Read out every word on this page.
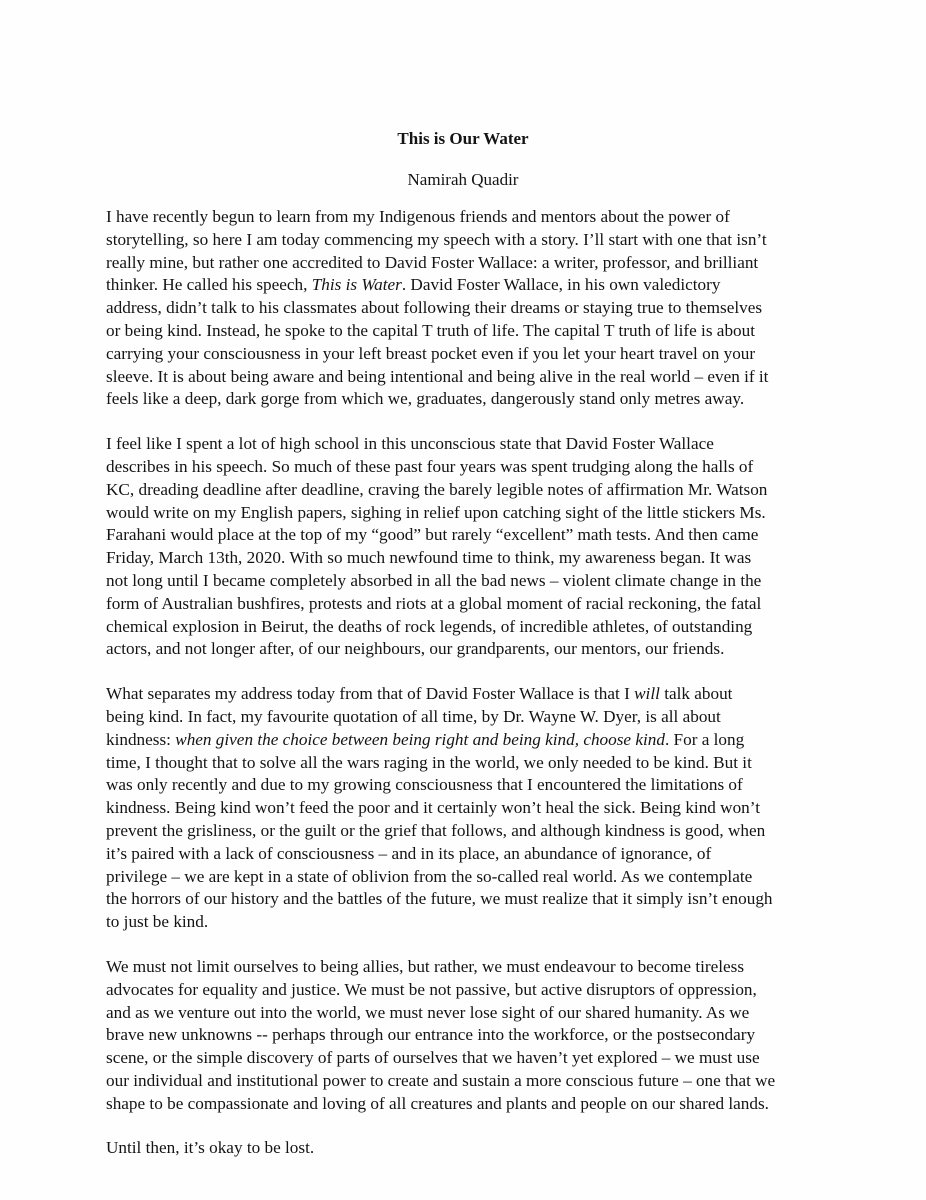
This is Our Water
Namirah Quadir
I have recently begun to learn from my Indigenous friends and mentors about the power of
storytelling, so here I am today commencing my speech with a story. I’ll start with one that isn’t
really mine, but rather one accredited to David Foster Wallace: a writer, professor, and brilliant
thinker. He called his speech, This is Water. David Foster Wallace, in his own valedictory
address, didn’t talk to his classmates about following their dreams or staying true to themselves
or being kind. Instead, he spoke to the capital T truth of life. The capital T truth of life is about
carrying your consciousness in your left breast pocket even if you let your heart travel on your
sleeve. It is about being aware and being intentional and being alive in the real world – even if it
feels like a deep, dark gorge from which we, graduates, dangerously stand only metres away.
I feel like I spent a lot of high school in this unconscious state that David Foster Wallace
describes in his speech. So much of these past four years was spent trudging along the halls of
KC, dreading deadline after deadline, craving the barely legible notes of affirmation Mr. Watson
would write on my English papers, sighing in relief upon catching sight of the little stickers Ms.
Farahani would place at the top of my “good” but rarely “excellent” math tests. And then came
Friday, March 13th, 2020. With so much newfound time to think, my awareness began. It was
not long until I became completely absorbed in all the bad news – violent climate change in the
form of Australian bushfires, protests and riots at a global moment of racial reckoning, the fatal
chemical explosion in Beirut, the deaths of rock legends, of incredible athletes, of outstanding
actors, and not longer after, of our neighbours, our grandparents, our mentors, our friends.
What separates my address today from that of David Foster Wallace is that I will talk about
being kind. In fact, my favourite quotation of all time, by Dr. Wayne W. Dyer, is all about
kindness: when given the choice between being right and being kind, choose kind. For a long
time, I thought that to solve all the wars raging in the world, we only needed to be kind. But it
was only recently and due to my growing consciousness that I encountered the limitations of
kindness. Being kind won’t feed the poor and it certainly won’t heal the sick. Being kind won’t
prevent the grisliness, or the guilt or the grief that follows, and although kindness is good, when
it’s paired with a lack of consciousness – and in its place, an abundance of ignorance, of
privilege – we are kept in a state of oblivion from the so-called real world. As we contemplate
the horrors of our history and the battles of the future, we must realize that it simply isn’t enough
to just be kind.
We must not limit ourselves to being allies, but rather, we must endeavour to become tireless
advocates for equality and justice. We must be not passive, but active disruptors of oppression,
and as we venture out into the world, we must never lose sight of our shared humanity. As we
brave new unknowns -- perhaps through our entrance into the workforce, or the postsecondary
scene, or the simple discovery of parts of ourselves that we haven’t yet explored – we must use
our individual and institutional power to create and sustain a more conscious future – one that we
shape to be compassionate and loving of all creatures and plants and people on our shared lands.
Until then, it’s okay to be lost.
